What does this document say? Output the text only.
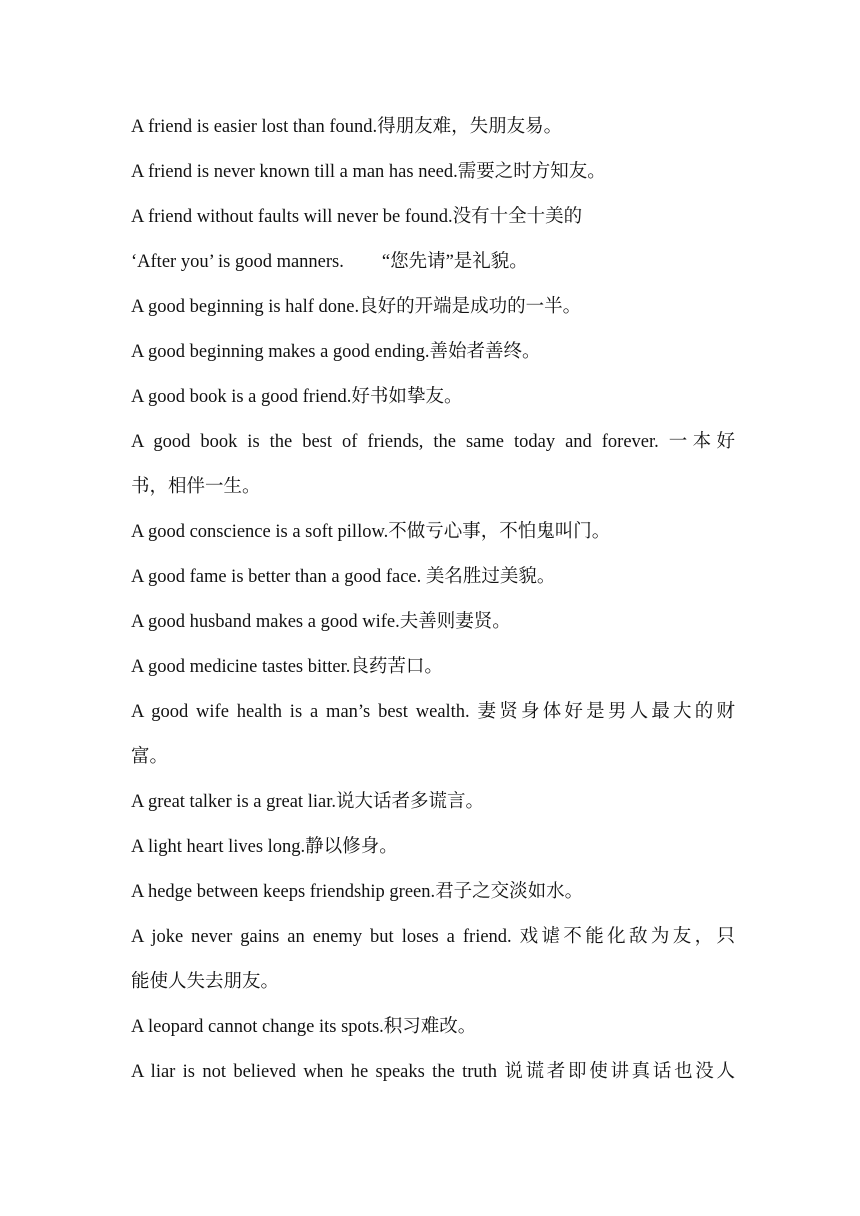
A friend is easier lost than found.得朋友难，失朋友易。
A friend is never known till a man has need.需要之时方知友。
A friend without faults will never be found.没有十全十美的
‘After you’ is good manners. “您先请”是礼貌。
A good beginning is half done.良好的开端是成功的一半。
A good beginning makes a good ending.善始者善终。
A good book is a good friend.好书如挚友。
A good book is the best of friends, the same today and forever. 一本好
书，相伴一生。
A good conscience is a soft pillow.不做亏心事，不怕鬼叫门。
A good fame is better than a good face. 美名胜过美貌。
A good husband makes a good wife.夫善则妻贤。
A good medicine tastes bitter.良药苦口。
A good wife health is a man’s best wealth. 妻贤身体好是男人最大的财
富。
A great talker is a great liar.说大话者多谎言。
A light heart lives long.静以修身。
A hedge between keeps friendship green.君子之交淡如水。
A joke never gains an enemy but loses a friend. 戏谑不能化敌为友，只
能使人失去朋友。
A leopard cannot change its spots.积习难改。
A liar is not believed when he speaks the truth 说谎者即使讲真话也没人
